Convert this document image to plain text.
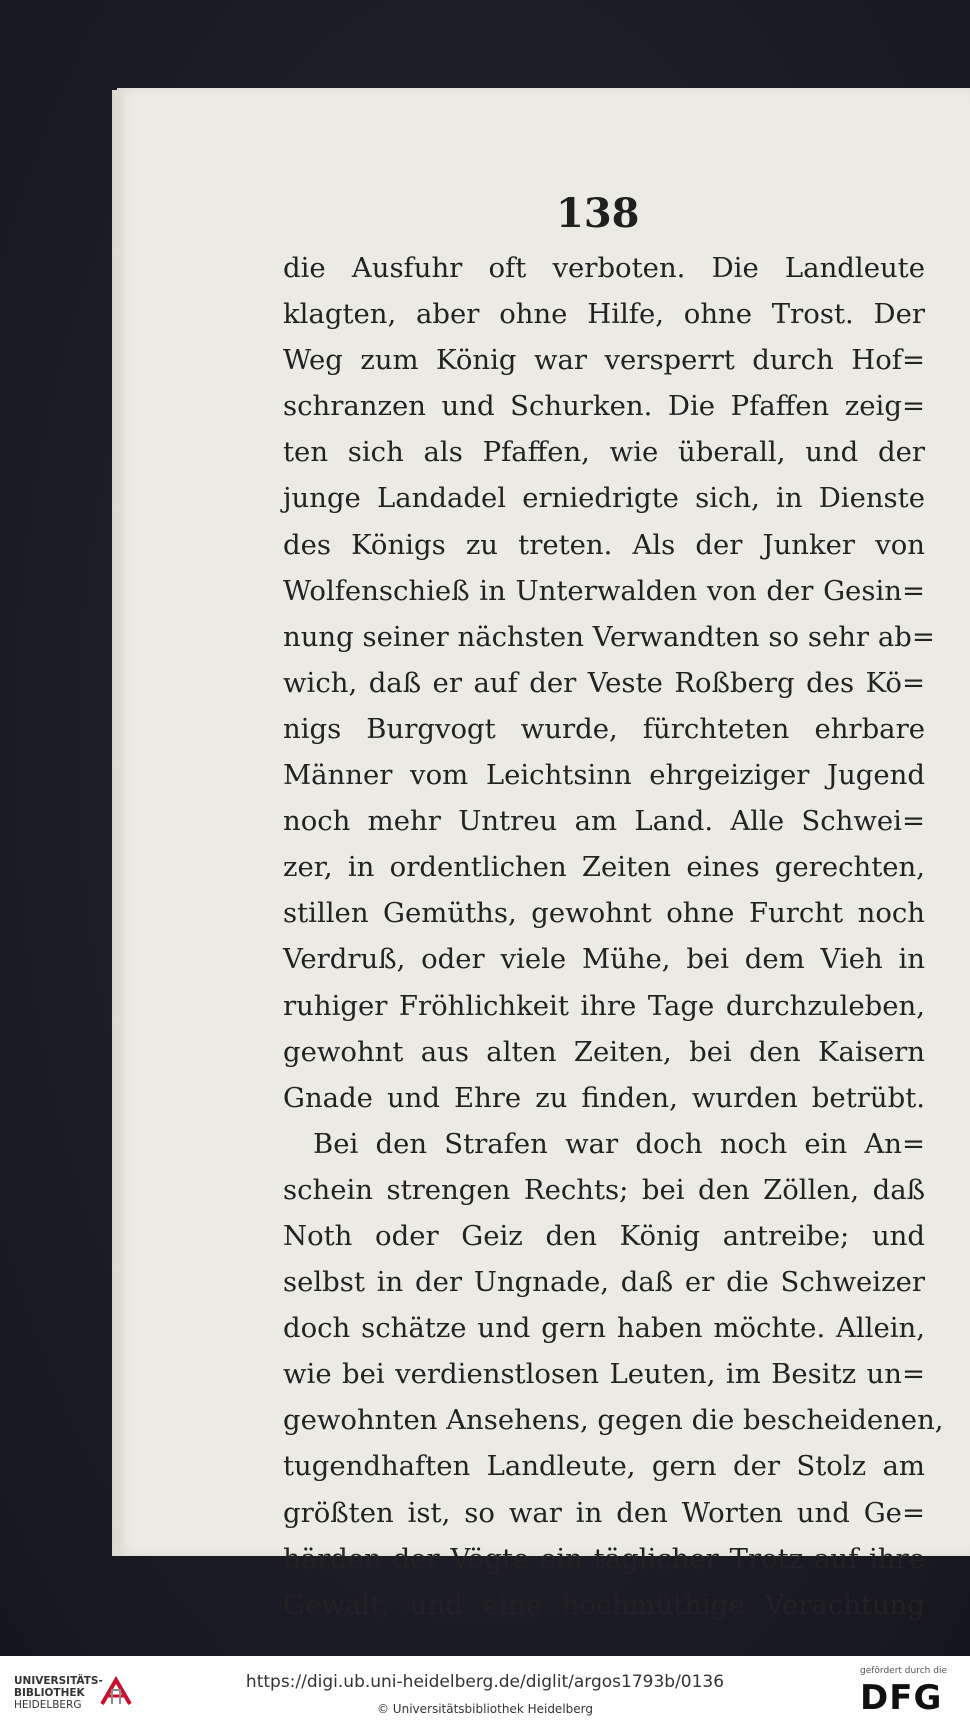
138
die Ausfuhr oft verboten. Die Landleute
klagten, aber ohne Hilfe, ohne Trost. Der
Weg zum König war versperrt durch Hof=
schranzen und Schurken. Die Pfaffen zeig=
ten sich als Pfaffen, wie überall, und der
junge Landadel erniedrigte sich, in Dienste
des Königs zu treten. Als der Junker von
Wolfenschieß in Unterwalden von der Gesin=
nung seiner nächsten Verwandten so sehr ab=
wich, daß er auf der Veste Roßberg des Kö=
nigs Burgvogt wurde, fürchteten ehrbare
Männer vom Leichtsinn ehrgeiziger Jugend
noch mehr Untreu am Land. Alle Schwei=
zer, in ordentlichen Zeiten eines gerechten,
stillen Gemüths, gewohnt ohne Furcht noch
Verdruß, oder viele Mühe, bei dem Vieh in
ruhiger Fröhlichkeit ihre Tage durchzuleben,
gewohnt aus alten Zeiten, bei den Kaisern
Gnade und Ehre zu finden, wurden betrübt.
Bei den Strafen war doch noch ein An=
schein strengen Rechts; bei den Zöllen, daß
Noth oder Geiz den König antreibe; und
selbst in der Ungnade, daß er die Schweizer
doch schätze und gern haben möchte. Allein,
wie bei verdienstlosen Leuten, im Besitz un=
gewohnten Ansehens, gegen die bescheidenen,
tugendhaften Landleute, gern der Stolz am
größten ist, so war in den Worten und Ge=
härden der Vögte ein täglicher Trotz auf ihre
Gewalt, und eine hochmüthige Verachtung
UNIVERSITÄTS-
BIBLIOTHEK
HEIDELBERG
https://digi.ub.uni-heidelberg.de/diglit/argos1793b/0136
© Universitätsbibliothek Heidelberg
gefördert durch die
DFG
